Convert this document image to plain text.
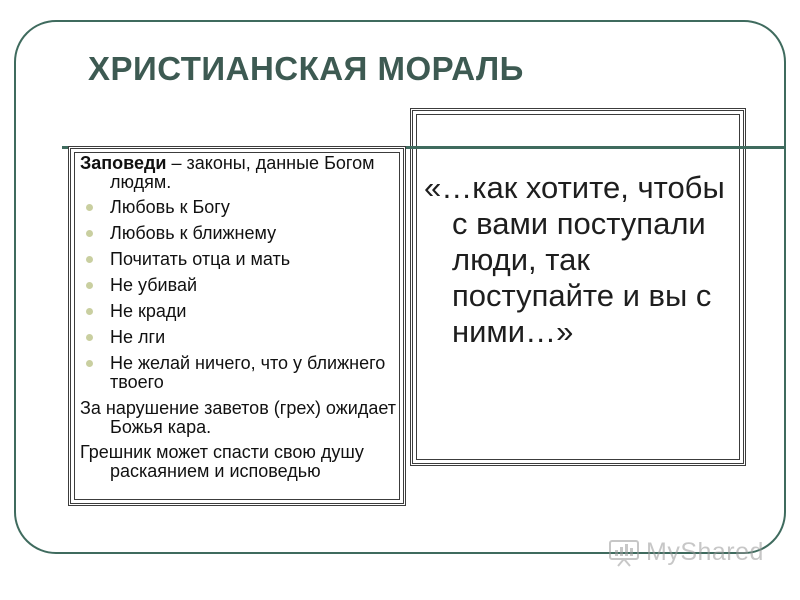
ХРИСТИАНСКАЯ МОРАЛЬ

«…как хотите, чтобы с вами поступали люди, так поступайте и вы с ними…»

Заповеди – законы, данные Богом людям.

Любовь к Богу
Любовь к ближнему
Почитать отца и мать
Не убивай
Не кради
Не лги
Не желай ничего, что у ближнего твоего

За нарушение заветов (грех) ожидает Божья кара.

Грешник может спасти свою душу раскаянием и исповедью

MyShared
